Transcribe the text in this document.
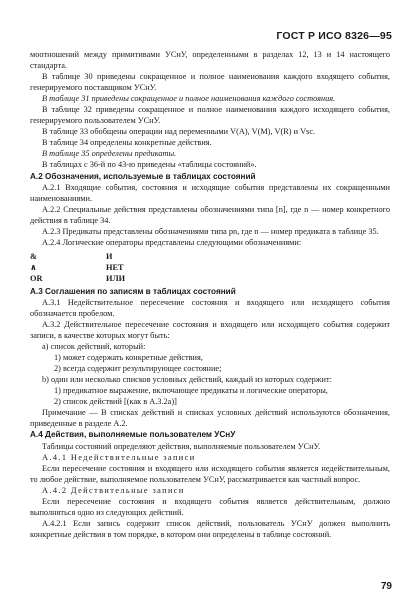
ГОСТ Р ИСО 8326—95

моотношений между примитивами УСнУ, определенными в разделах 12, 13 и 14 настоящего стандарта.

В таблице 30 приведены сокращенное и полное наименования каждого входящего события, генерируемого поставщиком УСнУ.

В таблице 31 приведены сокращенное и полное наименования каждого состояния.

В таблице 32 приведены сокращенное и полное наименования каждого исходящего события, генерируемого пользователем УСнУ.

В таблице 33 обобщены операции над переменными V(A), V(M), V(R) и Vsc.

В таблице 34 определены конкретные действия.

В таблице 35 определены предикаты.

В таблицах с 36-й по 43-ю приведены «таблицы состояний».

А.2 Обозначения, используемые в таблицах состояний

А.2.1 Входящие события, состояния и исходящие события представлены их сокращенными наименованиями.

А.2.2 Специальные действия представлены обозначениями типа [n], где n — номер конкретного действия в таблице 34.

А.2.3 Предикаты представлены обозначениями типа pn, где n — номер предиката в таблице 35.

А.2.4 Логические операторы представлены следующими обозначениями:

&	И
∧	НЕТ
OR	ИЛИ

А.3 Соглашения по записям в таблицах состояний

А.3.1 Недействительное пересечение состояния и входящего или исходящего события обозначается пробелом.

А.3.2 Действительное пересечение состояния и входящего или исходящего события содержит записи, в качестве которых могут быть:

а) список действий, который:

1) может содержать конкретные действия,

2) всегда содержит результирующее состояние;

b) один или несколько списков условных действий, каждый из которых содержит:

1) предикатное выражение, включающее предикаты и логические операторы,

2) список действий [(как в А.3.2а)]

Примечание — В списках действий и списках условных действий используются обозначения, приведенные в разделе А.2.

А.4 Действия, выполняемые пользователем УСнУ

Таблицы состояний определяют действия, выполняемые пользователем УСнУ.

А.4.1 Недействительные записи

Если пересечение состояния и входящего или исходящего события является недействительным, то любое действие, выполняемое пользователем УСнУ, рассматривается как частный вопрос.

А.4.2 Действительные записи

Если пересечение состояния и входящего события является действительным, должно выполняться одно из следующих действий.

А.4.2.1 Если запись содержит список действий, пользователь УСнУ должен выполнить конкретные действия в том порядке, в котором они определены в таблице состояний.

79
